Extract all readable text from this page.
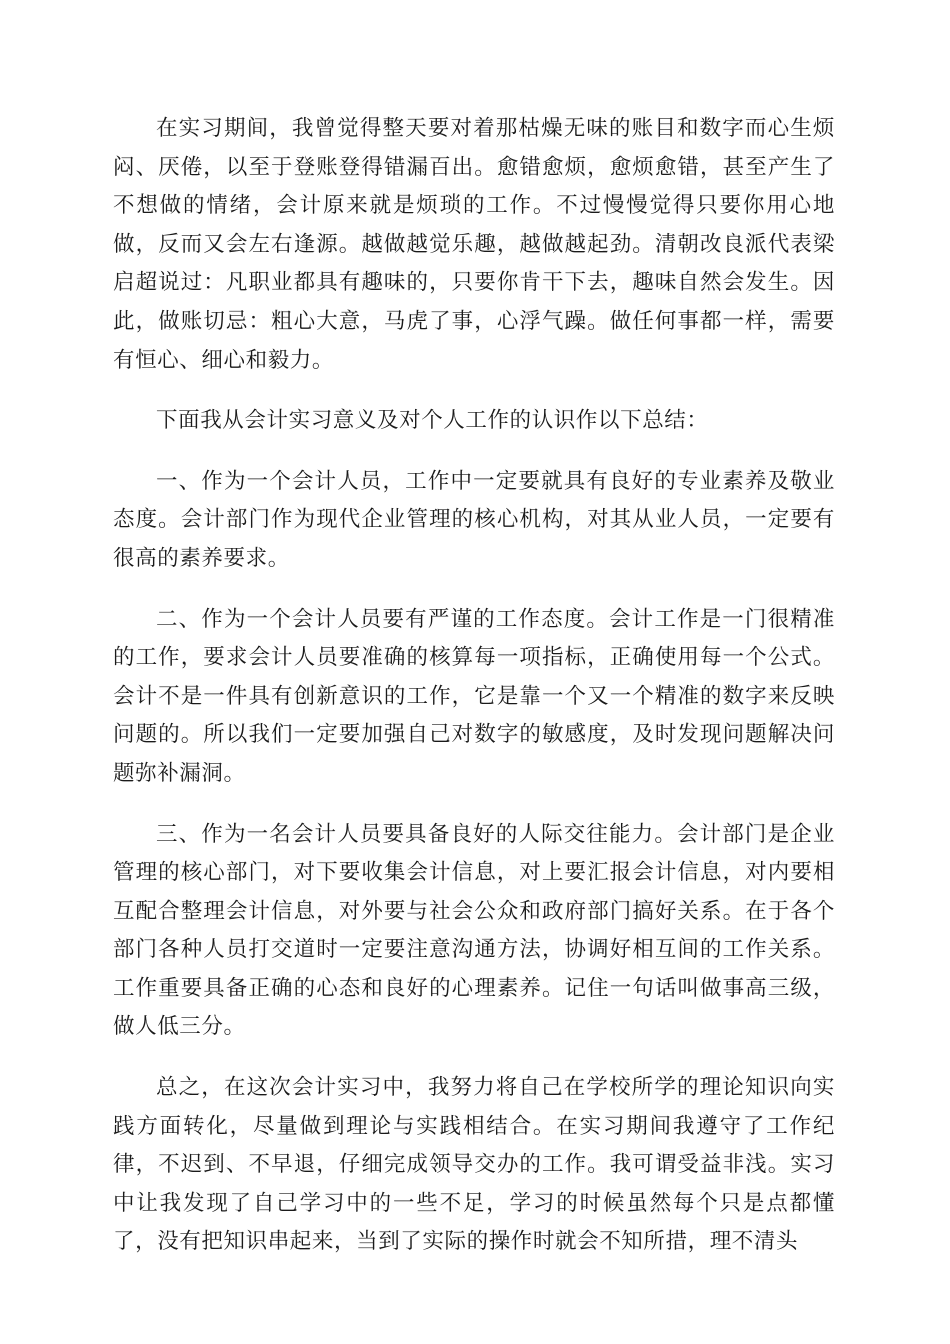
在实习期间，我曾觉得整天要对着那枯燥无味的账目和数字而心生烦闷、厌倦，以至于登账登得错漏百出。愈错愈烦，愈烦愈错，甚至产生了不想做的情绪，会计原来就是烦琐的工作。不过慢慢觉得只要你用心地做，反而又会左右逢源。越做越觉乐趣，越做越起劲。清朝改良派代表梁启超说过：凡职业都具有趣味的，只要你肯干下去，趣味自然会发生。因此，做账切忌：粗心大意，马虎了事，心浮气躁。做任何事都一样，需要有恒心、细心和毅力。

下面我从会计实习意义及对个人工作的认识作以下总结：

一、作为一个会计人员，工作中一定要就具有良好的专业素养及敬业态度。会计部门作为现代企业管理的核心机构，对其从业人员，一定要有很高的素养要求。

二、作为一个会计人员要有严谨的工作态度。会计工作是一门很精准的工作，要求会计人员要准确的核算每一项指标，正确使用每一个公式。会计不是一件具有创新意识的工作，它是靠一个又一个精准的数字来反映问题的。所以我们一定要加强自己对数字的敏感度，及时发现问题解决问题弥补漏洞。

三、作为一名会计人员要具备良好的人际交往能力。会计部门是企业管理的核心部门，对下要收集会计信息，对上要汇报会计信息，对内要相互配合整理会计信息，对外要与社会公众和政府部门搞好关系。在于各个部门各种人员打交道时一定要注意沟通方法，协调好相互间的工作关系。工作重要具备正确的心态和良好的心理素养。记住一句话叫做事高三级，做人低三分。

总之，在这次会计实习中，我努力将自己在学校所学的理论知识向实践方面转化，尽量做到理论与实践相结合。在实习期间我遵守了工作纪律，不迟到、不早退，仔细完成领导交办的工作。我可谓受益非浅。实习中让我发现了自己学习中的一些不足，学习的时候虽然每个只是点都懂了，没有把知识串起来，当到了实际的操作时就会不知所措，理不清头
